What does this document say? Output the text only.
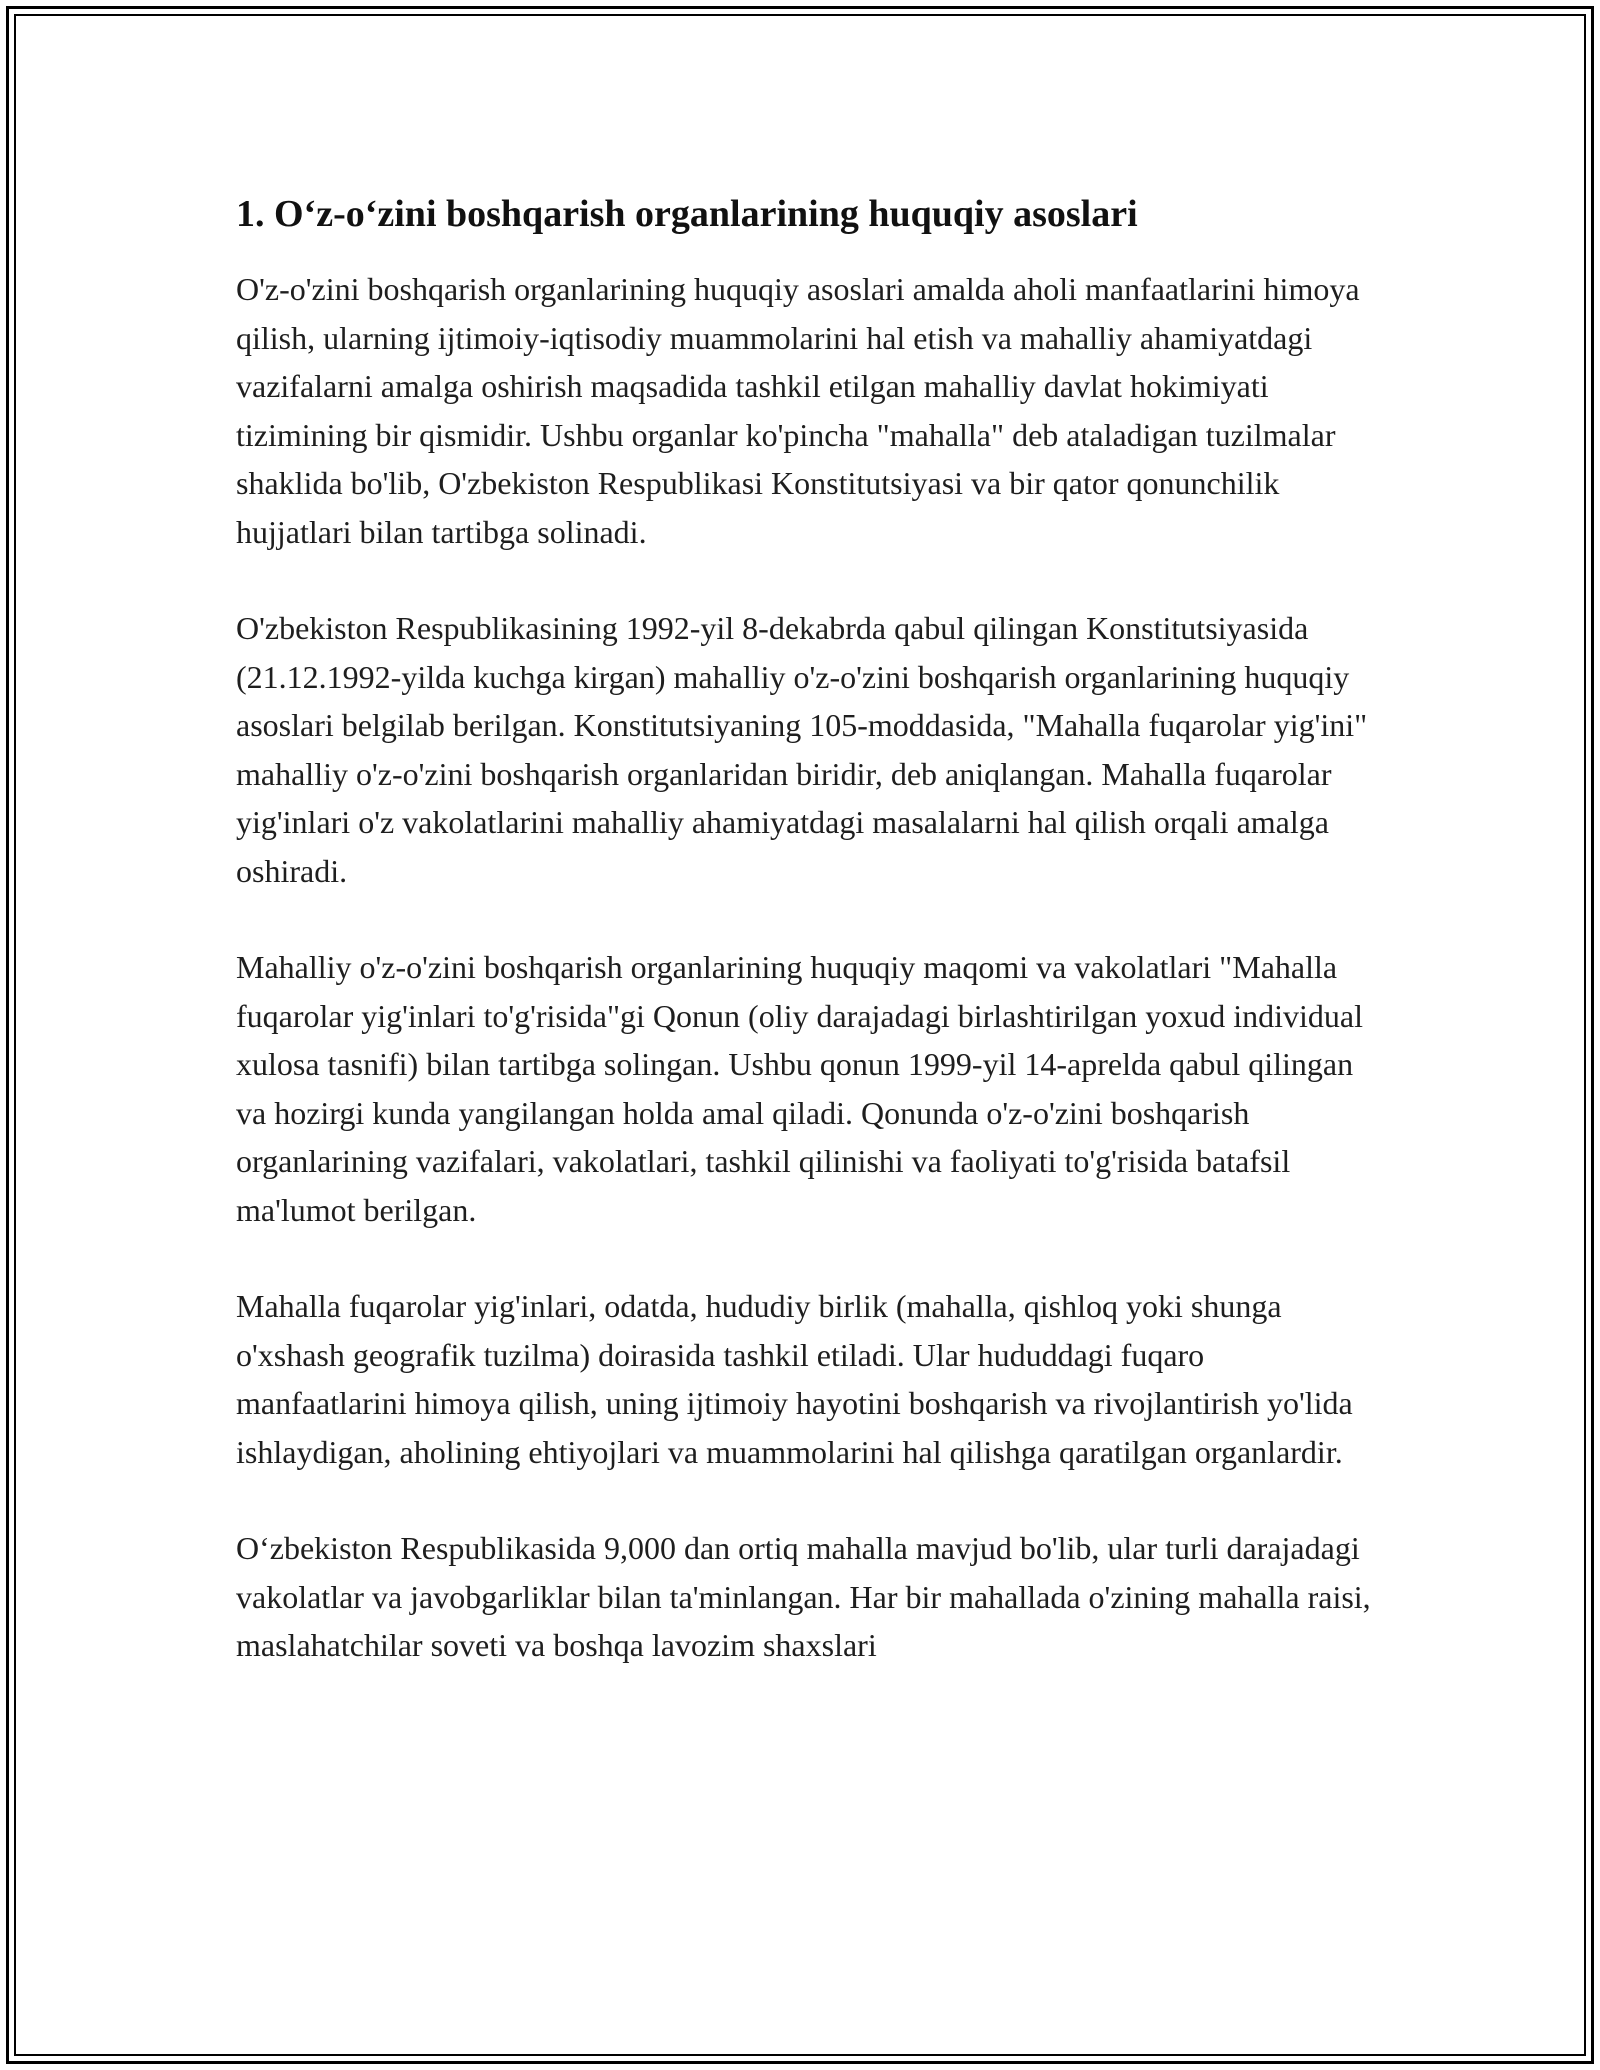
1. O‘z-o‘zini boshqarish organlarining huquqiy asoslari

O'z-o'zini boshqarish organlarining huquqiy asoslari amalda aholi manfaatlarini himoya qilish, ularning ijtimoiy-iqtisodiy muammolarini hal etish va mahalliy ahamiyatdagi vazifalarni amalga oshirish maqsadida tashkil etilgan mahalliy davlat hokimiyati tizimining bir qismidir. Ushbu organlar ko'pincha "mahalla" deb ataladigan tuzilmalar shaklida bo'lib, O'zbekiston Respublikasi Konstitutsiyasi va bir qator qonunchilik hujjatlari bilan tartibga solinadi.

O'zbekiston Respublikasining 1992-yil 8-dekabrda qabul qilingan Konstitutsiyasida (21.12.1992-yilda kuchga kirgan) mahalliy o'z-o'zini boshqarish organlarining huquqiy asoslari belgilab berilgan. Konstitutsiyaning 105-moddasida, "Mahalla fuqarolar yig'ini" mahalliy o'z-o'zini boshqarish organlaridan biridir, deb aniqlangan. Mahalla fuqarolar yig'inlari o'z vakolatlarini mahalliy ahamiyatdagi masalalarni hal qilish orqali amalga oshiradi.

Mahalliy o'z-o'zini boshqarish organlarining huquqiy maqomi va vakolatlari "Mahalla fuqarolar yig'inlari to'g'risida"gi Qonun (oliy darajadagi birlashtirilgan yoxud individual xulosa tasnifi) bilan tartibga solingan. Ushbu qonun 1999-yil 14-aprelda qabul qilingan va hozirgi kunda yangilangan holda amal qiladi. Qonunda o'z-o'zini boshqarish organlarining vazifalari, vakolatlari, tashkil qilinishi va faoliyati to'g'risida batafsil ma'lumot berilgan.

Mahalla fuqarolar yig'inlari, odatda, hududiy birlik (mahalla, qishloq yoki shunga o'xshash geografik tuzilma) doirasida tashkil etiladi. Ular hududdagi fuqaro manfaatlarini himoya qilish, uning ijtimoiy hayotini boshqarish va rivojlantirish yo'lida ishlaydigan, aholining ehtiyojlari va muammolarini hal qilishga qaratilgan organlardir.

O‘zbekiston Respublikasida 9,000 dan ortiq mahalla mavjud bo'lib, ular turli darajadagi vakolatlar va javobgarliklar bilan ta'minlangan. Har bir mahallada o'zining mahalla raisi, maslahatchilar soveti va boshqa lavozim shaxslari
